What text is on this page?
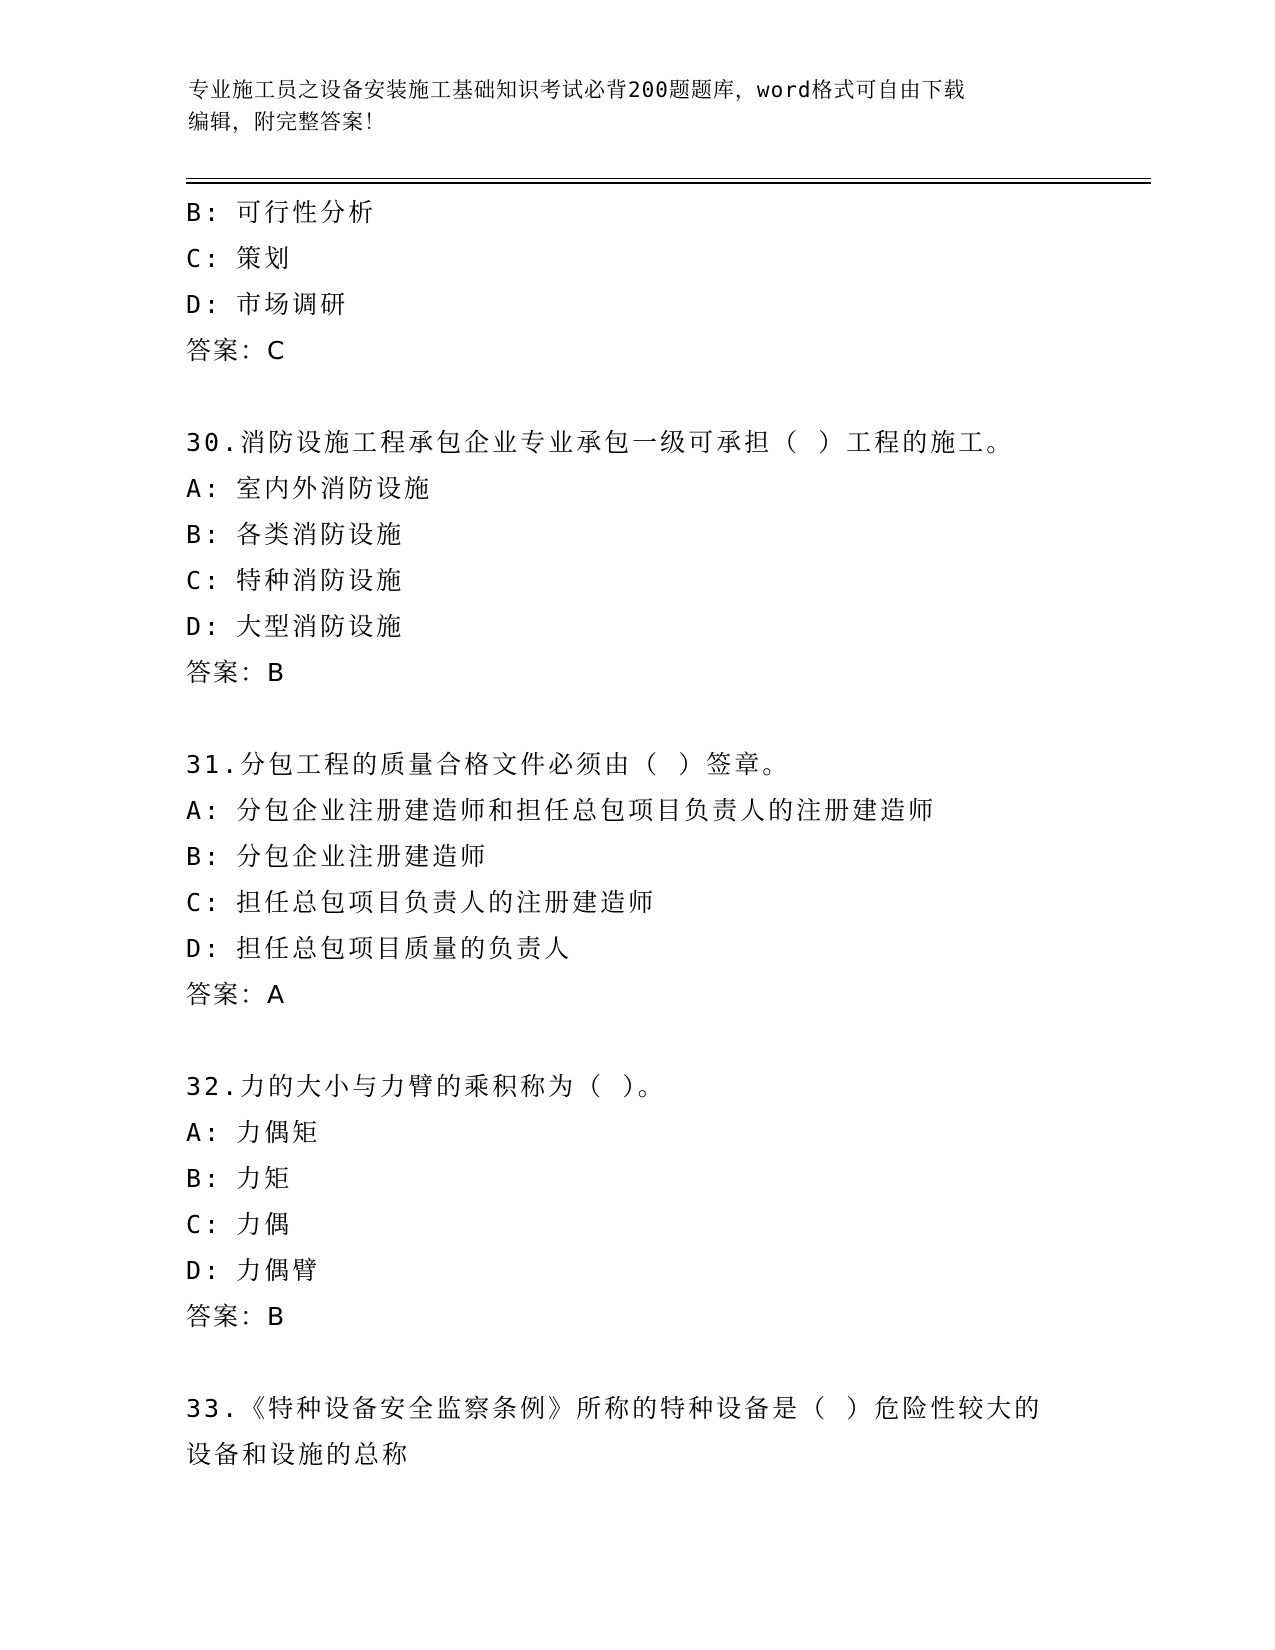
专业施工员之设备安装施工基础知识考试必背200题题库，word格式可自由下载
编辑，附完整答案！
B: 可行性分析
C: 策划
D: 市场调研
答案：C
30.消防设施工程承包企业专业承包一级可承担（ ）工程的施工。
A: 室内外消防设施
B: 各类消防设施
C: 特种消防设施
D: 大型消防设施
答案：B
31.分包工程的质量合格文件必须由（ ）签章。
A: 分包企业注册建造师和担任总包项目负责人的注册建造师
B: 分包企业注册建造师
C: 担任总包项目负责人的注册建造师
D: 担任总包项目质量的负责人
答案：A
32.力的大小与力臂的乘积称为（ ）。
A: 力偶矩
B: 力矩
C: 力偶
D: 力偶臂
答案：B
33.《特种设备安全监察条例》所称的特种设备是（ ）危险性较大的设备和设施的总称
